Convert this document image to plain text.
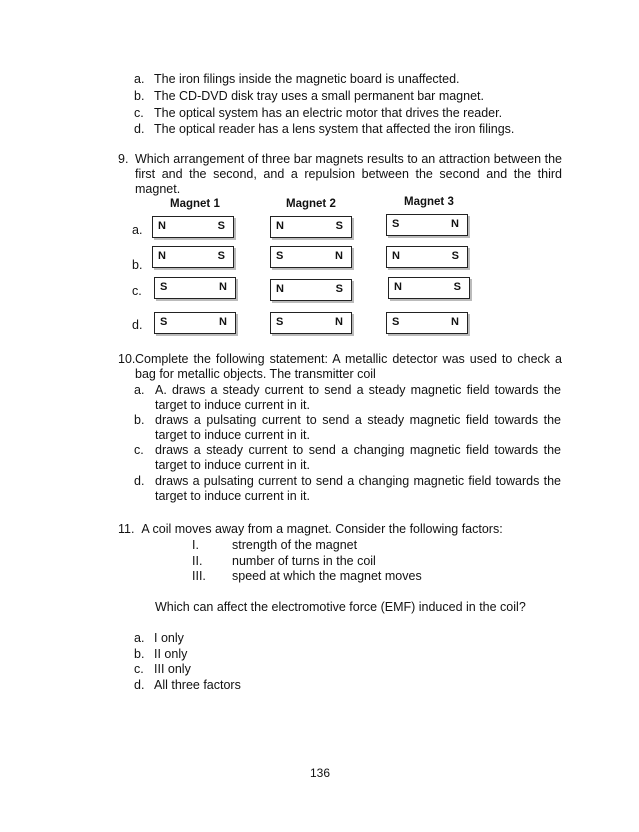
a. The iron filings inside the magnetic board is unaffected.
b. The CD-DVD disk tray uses a small permanent bar magnet.
c. The optical system has an electric motor that drives the reader.
d. The optical reader has a lens system that affected the iron filings.
9. Which arrangement of three bar magnets results to an attraction between the first and the second, and a repulsion between the second and the third magnet.
Magnet 1	Magnet 2	Magnet 3
a. N	S	N	S	S	N
b.
N	S	S	N	N	S
c. S	N	N	S	N	S
d. S	N	S	N	S	N
10. Complete the following statement: A metallic detector was used to check a bag for metallic objects. The transmitter coil
a. A. draws a steady current to send a steady magnetic field towards the target to induce current in it.
b. draws a pulsating current to send a steady magnetic field towards the target to induce current in it.
c. draws a steady current to send a changing magnetic field towards the target to induce current in it.
d. draws a pulsating current to send a changing magnetic field towards the target to induce current in it.
11. A coil moves away from a magnet. Consider the following factors:
I.	strength of the magnet
II. number of turns in the coil
III. speed at which the magnet moves
Which can affect the electromotive force (EMF) induced in the coil?
a. I only
b. II only
c. III only
d. All three factors
136
